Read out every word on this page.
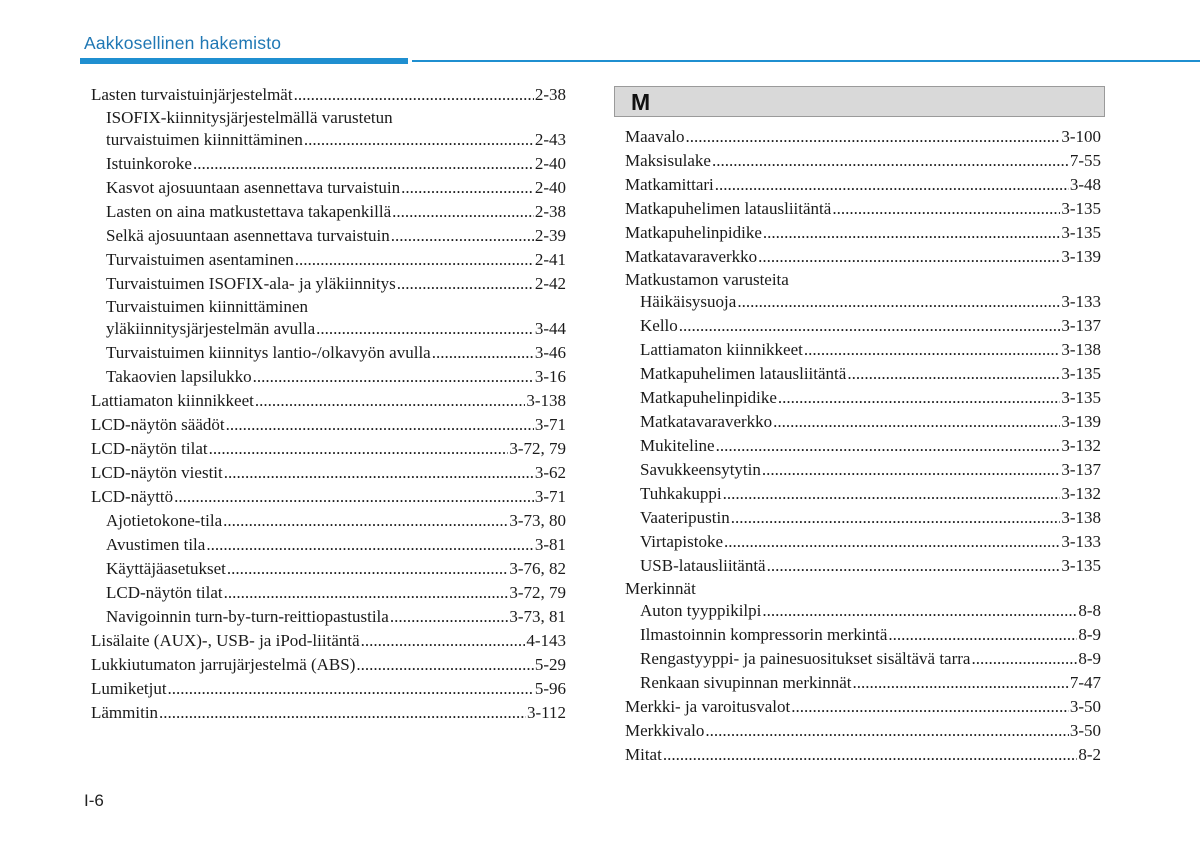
Aakkosellinen hakemisto
Lasten turvaistuinjärjestelmät .....	2-38
ISOFIX-kiinnitysjärjestelmällä varustetun
turvaistuimen kiinnittäminen .....	2-43
Istuinkoroke .....	2-40
Kasvot ajosuuntaan asennettava turvaistuin .....	2-40
Lasten on aina matkustettava takapenkillä .....	2-38
Selkä ajosuuntaan asennettava turvaistuin .....	2-39
Turvaistuimen asentaminen .....	2-41
Turvaistuimen ISOFIX-ala- ja yläkiinnitys .....	2-42
Turvaistuimen kiinnittäminen
yläkiinnitysjärjestelmän avulla .....	3-44
Turvaistuimen kiinnitys lantio-/olkavyön avulla .....	3-46
Takaovien lapsilukko .....	3-16
Lattiamaton kiinnikkeet .....	3-138
LCD-näytön säädöt .....	3-71
LCD-näytön tilat .....	3-72, 79
LCD-näytön viestit .....	3-62
LCD-näyttö .....	3-71
Ajotietokone-tila .....	3-73, 80
Avustimen tila .....	3-81
Käyttäjäasetukset .....	3-76, 82
LCD-näytön tilat .....	3-72, 79
Navigoinnin turn-by-turn-reittiopastustila .....	3-73, 81
Lisälaite (AUX)-, USB- ja iPod-liitäntä .....	4-143
Lukkiutumaton jarrujärjestelmä (ABS) .....	5-29
Lumiketjut .....	5-96
Lämmitin .....	3-112
M
Maavalo .....	3-100
Maksisulake .....	7-55
Matkamittari .....	3-48
Matkapuhelimen latausliitäntä .....	3-135
Matkapuhelinpidike .....	3-135
Matkatavaraverkko .....	3-139
Matkustamon varusteita
Häikäisysuoja .....	3-133
Kello .....	3-137
Lattiamaton kiinnikkeet .....	3-138
Matkapuhelimen latausliitäntä .....	3-135
Matkapuhelinpidike .....	3-135
Matkatavaraverkko .....	3-139
Mukiteline .....	3-132
Savukkeensytytin .....	3-137
Tuhkakuppi .....	3-132
Vaateripustin .....	3-138
Virtapistoke .....	3-133
USB-latausliitäntä .....	3-135
Merkinnät
Auton tyyppikilpi .....	8-8
Ilmastoinnin kompressorin merkintä .....	8-9
Rengastyyppi- ja painesuositukset sisältävä tarra .....	8-9
Renkaan sivupinnan merkinnät .....	7-47
Merkki- ja varoitusvalot .....	3-50
Merkkivalo .....	3-50
Mitat .....	8-2
I-6
